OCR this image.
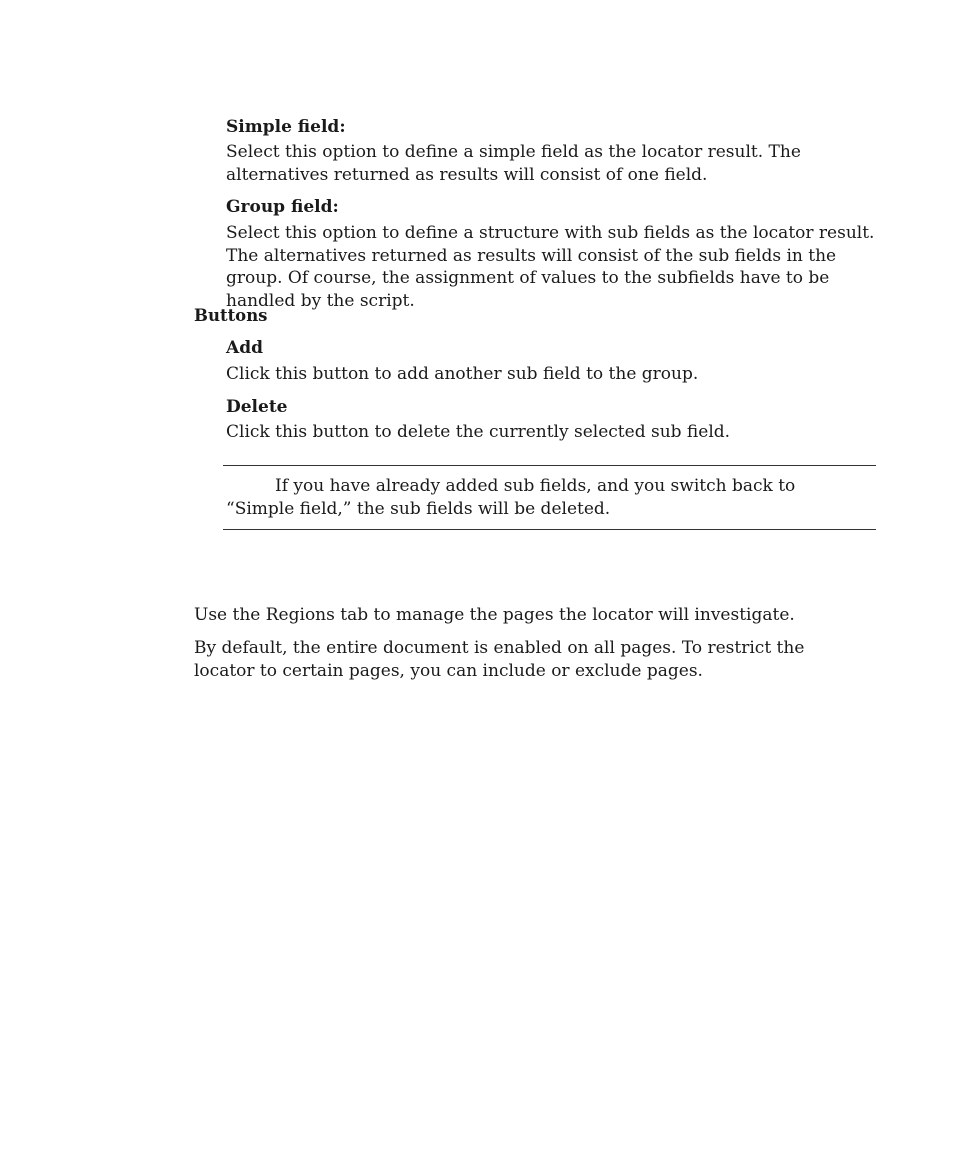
Simple field:
Select this option to define a simple field as the locator result. The alternatives returned as results will consist of one field.
Group field:
Select this option to define a structure with sub fields as the locator result. The alternatives returned as results will consist of the sub fields in the group. Of course, the assignment of values to the subfields have to be handled by the script.
Buttons
Add
Click this button to add another sub field to the group.
Delete
Click this button to delete the currently selected sub field.
If you have already added sub fields, and you switch back to “Simple field,” the sub fields will be deleted.
Use the Regions tab to manage the pages the locator will investigate.
By default, the entire document is enabled on all pages. To restrict the locator to certain pages, you can include or exclude pages.
